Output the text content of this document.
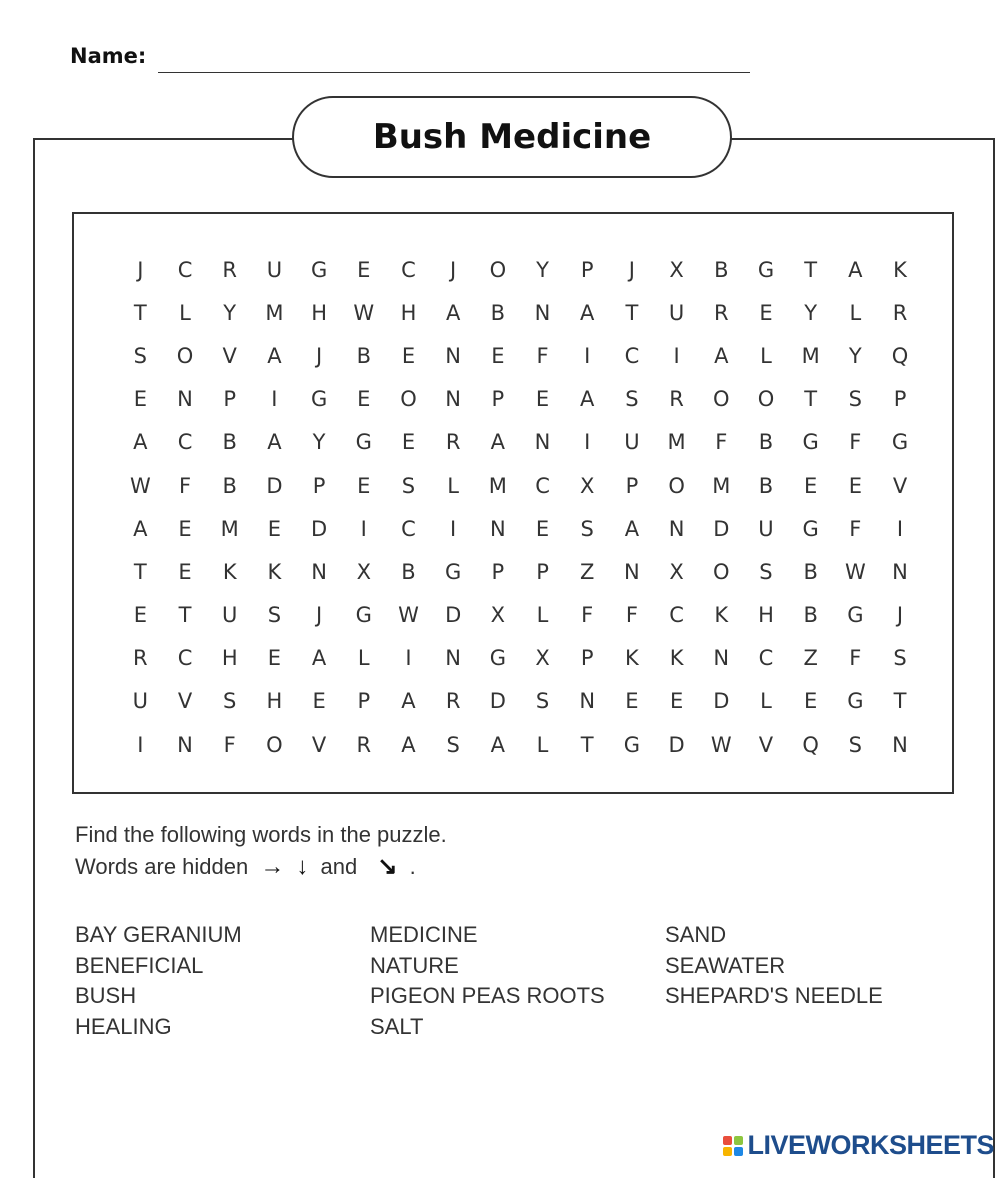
Name:
Bush Medicine
J	C	R	U	G	E	C	J	O	Y	P	J	X	B	G	T	A	K
T	L	Y	M	H	W	H	A	B	N	A	T	U	R	E	Y	L	R
S	O	V	A	J	B	E	N	E	F	I	C	I	A	L	M	Y	Q
E	N	P	I	G	E	O	N	P	E	A	S	R	O	O	T	S	P
A	C	B	A	Y	G	E	R	A	N	I	U	M	F	B	G	F	G
W	F	B	D	P	E	S	L	M	C	X	P	O	M	B	E	E	V
A	E	M	E	D	I	C	I	N	E	S	A	N	D	U	G	F	I
T	E	K	K	N	X	B	G	P	P	Z	N	X	O	S	B	W	N
E	T	U	S	J	G	W	D	X	L	F	F	C	K	H	B	G	J
R	C	H	E	A	L	I	N	G	X	P	K	K	N	C	Z	F	S
U	V	S	H	E	P	A	R	D	S	N	E	E	D	L	E	G	T
I	N	F	O	V	R	A	S	A	L	T	G	D	W	V	Q	S	N
Find the following words in the puzzle.
Words are hidden → ↓ and ↘ .
BAY GERANIUM
BENEFICIAL
BUSH
HEALING
MEDICINE
NATURE
PIGEON PEAS ROOTS
SALT
SAND
SEAWATER
SHEPARD'S NEEDLE
LIVEWORKSHEETS
